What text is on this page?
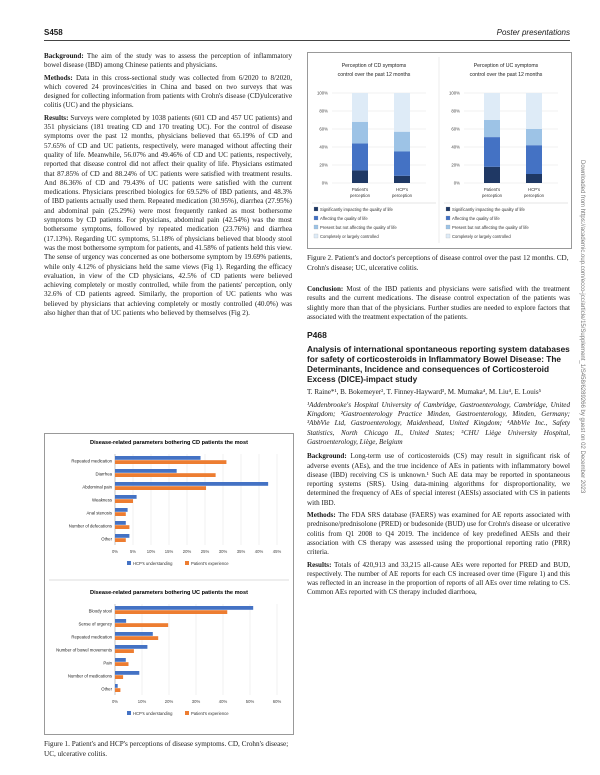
S458	Poster presentations

Background: The aim of the study was to assess the perception of inflammatory bowel disease (IBD) among Chinese patients and physicians.

Methods: Data in this cross-sectional study was collected from 6/2020 to 8/2020, which covered 24 provinces/cities in China and based on two surveys that was designed for collecting information from patients with Crohn's disease (CD)/ulcerative colitis (UC) and the physicians.

Results: Surveys were completed by 1038 patients (601 CD and 457 UC patients) and 351 physicians (181 treating CD and 170 treating UC). For the control of disease symptoms over the past 12 months, physicians believed that 65.19% of CD and 57.65% of CD and UC patients, respectively, were managed without affecting their quality of life. Meanwhile, 56.07% and 49.46% of CD and UC patients, respectively, reported that disease control did not affect their quality of life. Physicians estimated that 87.85% of CD and 88.24% of UC patients were satisfied with treatment results. And 86.36% of CD and 79.43% of UC patients were satisfied with the current medications. Physicians prescribed biologics for 69.52% of IBD patients, and 48.3% of IBD patients actually used them. Repeated medication (30.95%), diarrhea (27.95%) and abdominal pain (25.29%) were most frequently ranked as most bothersome symptoms by CD patients. For physicians, abdominal pain (42.54%) was the most bothersome symptoms, followed by repeated medication (23.76%) and diarrhea (17.13%). Regarding UC symptoms, 51.18% of physicians believed that bloody stool was the most bothersome symptom for patients, and 41.58% of patients held this view. The sense of urgency was concerned as one bothersome symptom by 19.69% patients, while only 4.12% of physicians held the same views (Fig 1). Regarding the efficacy evaluation, in view of the CD physicians, 42.5% of CD patients were believed achieving completely or mostly controlled, while from the patients' perception, only 32.6% of CD patients agreed. Similarly, the proportion of UC patients who was believed by physicians that achieving completely or mostly controlled (40.0%) was also higher than that of UC patients who believed by themselves (Fig 2).

Disease-related parameters bothering CD patients the most
0%	5%	10% 15% 20% 25% 30% 35% 40% 45%
Repeated medication
Diarrhea
Abdominal pain
Weakness
Anal stenosis
Number of defecations
Other
HCP's understanding	Patient's experience
Disease-related parameters bothering UC patients the most
0%	10%	20%	30%	40%	50%	60%
Bloody stool
Sense of urgency
Repeated medication
Number of bowel movements
Pain
Number of medications
Other
HCP's understanding	Patient's experience
Figure 1. Patient's and HCP's perceptions of disease symptoms. CD, Crohn's disease; UC, ulcerative colitis.
Perception of CD symptoms
control over the past 12 months
0%
20%
40%
60%
80%
100%
Patient's
perception
HCP's
perception
Significantly impacting the quality of life
Affecting the quality of life
Present but not affecting the quality of life
Completely or largely controlled
Perception of UC symptoms
control over the past 12 months
0%
20%
40%
60%
80%
100%
Patient's
perception
HCP's
perception
Significantly impacting the quality of life
Affecting the quality of life
Present but not affecting the quality of life
Completely or largely controlled
Figure 2. Patient's and doctor's perceptions of disease control over the past 12 months. CD, Crohn's disease; UC, ulcerative colitis.

Conclusion: Most of the IBD patients and physicians were satisfied with the treatment results and the current medications. The disease control expectation of the patients was slightly more than that of the physicians. Further studies are needed to explore factors that associated with the treatment expectation of the patients.

P468
Analysis of international spontaneous reporting system databases for safety of corticosteroids in Inflammatory Bowel Disease: The Determinants, Incidence and consequences of Corticosteroid Excess (DICE)-impact study

T. Raine*¹, B. Bokemeyer², T. Finney-Hayward³, M. Mumaka⁴, M. Liu⁴, E. Louis⁵

¹Addenbrooke's Hospital University of Cambridge, Gastroenterology, Cambridge, United Kingdom; ²Gastroenterology Practice Minden, Gastroenterology, Minden, Germany; ³AbbVie Ltd, Gastroenterology, Maidenhead, United Kingdom; ⁴AbbVie Inc., Safety Statistics, North Chicago IL, United States; ⁵CHU Liège University Hospital, Gastroenterology, Liège, Belgium

Background: Long-term use of corticosteroids (CS) may result in significant risk of adverse events (AEs), and the true incidence of AEs in patients with inflammatory bowel disease (IBD) receiving CS is unknown.¹ Such AE data may be reported in spontaneous reporting systems (SRS). Using data-mining algorithms for disproportionality, we determined the frequency of AEs of special interest (AESIs) associated with CS in patients with IBD.

Methods: The FDA SRS database (FAERS) was examined for AE reports associated with prednisone/prednisolone (PRED) or budesonide (BUD) use for Crohn's disease or ulcerative colitis from Q1 2008 to Q4 2019. The incidence of key predefined AESIs and their association with CS therapy was assessed using the proportional reporting ratio (PRR) criteria.

Results: Totals of 420,913 and 33,215 all-cause AEs were reported for PRED and BUD, respectively. The number of AE reports for each CS increased over time (Figure 1) and this was reflected in an increase in the proportion of reports of all AEs over time relating to CS. Common AEs reported with CS therapy included diarrhoea,

Downloaded from https://academic.oup.com/ecco-jcc/article/15/Supplement_1/S458/6289266 by guest on 02 December 2023
